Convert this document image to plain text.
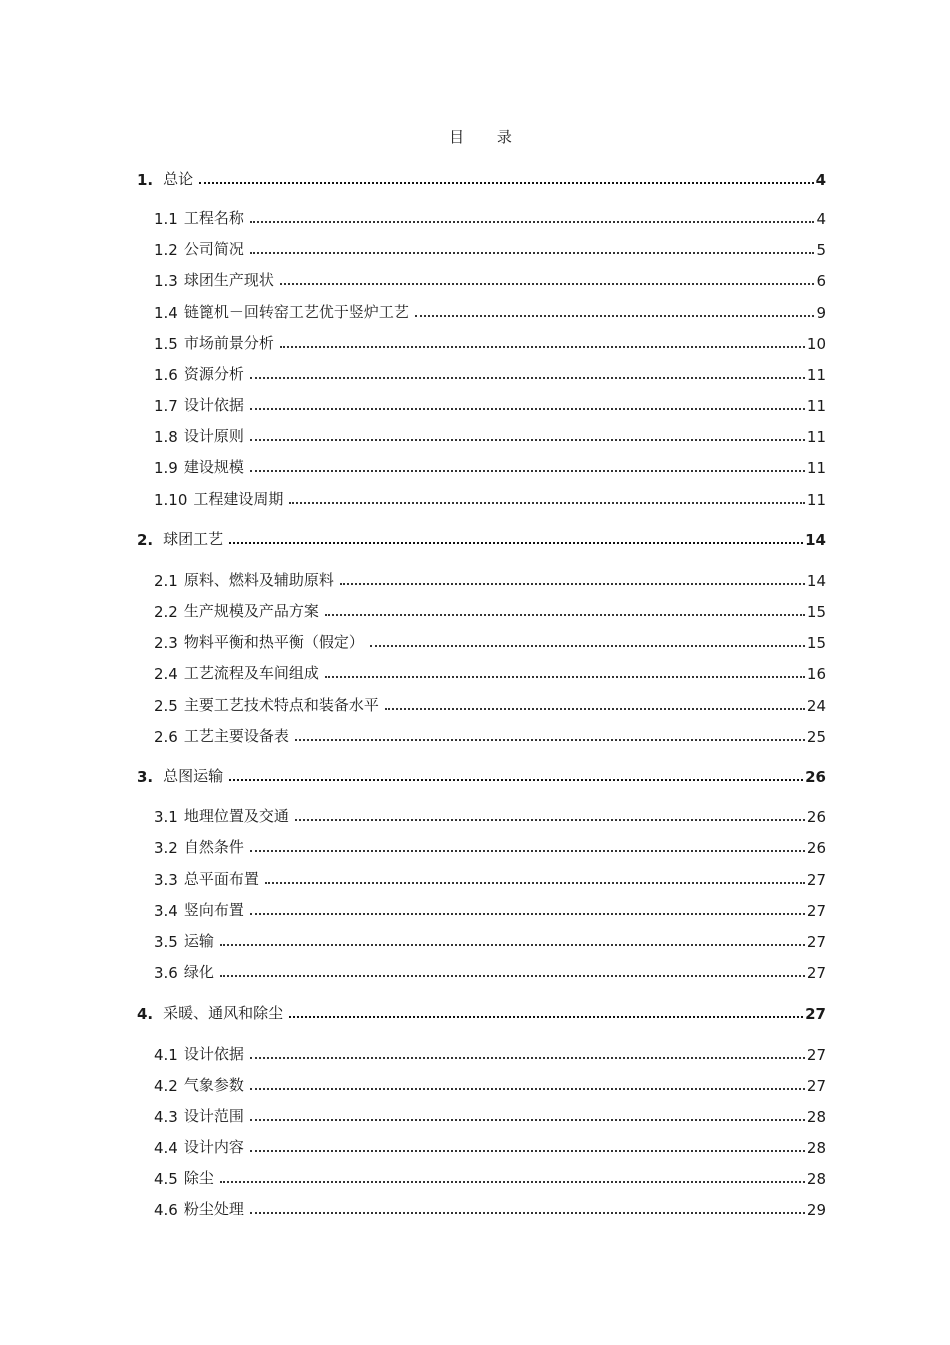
目 录
1. 总论	4
1.1 工程名称	4
1.2 公司简况	5
1.3 球团生产现状	6
1.4 链篦机－回转窑工艺优于竖炉工艺	9
1.5 市场前景分析	10
1.6 资源分析	11
1.7 设计依据	11
1.8 设计原则	11
1.9 建设规模	11
1.10 工程建设周期	11
2. 球团工艺	14
2.1 原料、燃料及辅助原料	14
2.2 生产规模及产品方案	15
2.3 物料平衡和热平衡（假定）	15
2.4 工艺流程及车间组成	16
2.5 主要工艺技术特点和装备水平	24
2.6 工艺主要设备表	25
3. 总图运输	26
3.1 地理位置及交通	26
3.2 自然条件	26
3.3 总平面布置	27
3.4 竖向布置	27
3.5 运输	27
3.6 绿化	27
4. 采暖、通风和除尘	27
4.1 设计依据	27
4.2 气象参数	27
4.3 设计范围	28
4.4 设计内容	28
4.5 除尘	28
4.6 粉尘处理	29
